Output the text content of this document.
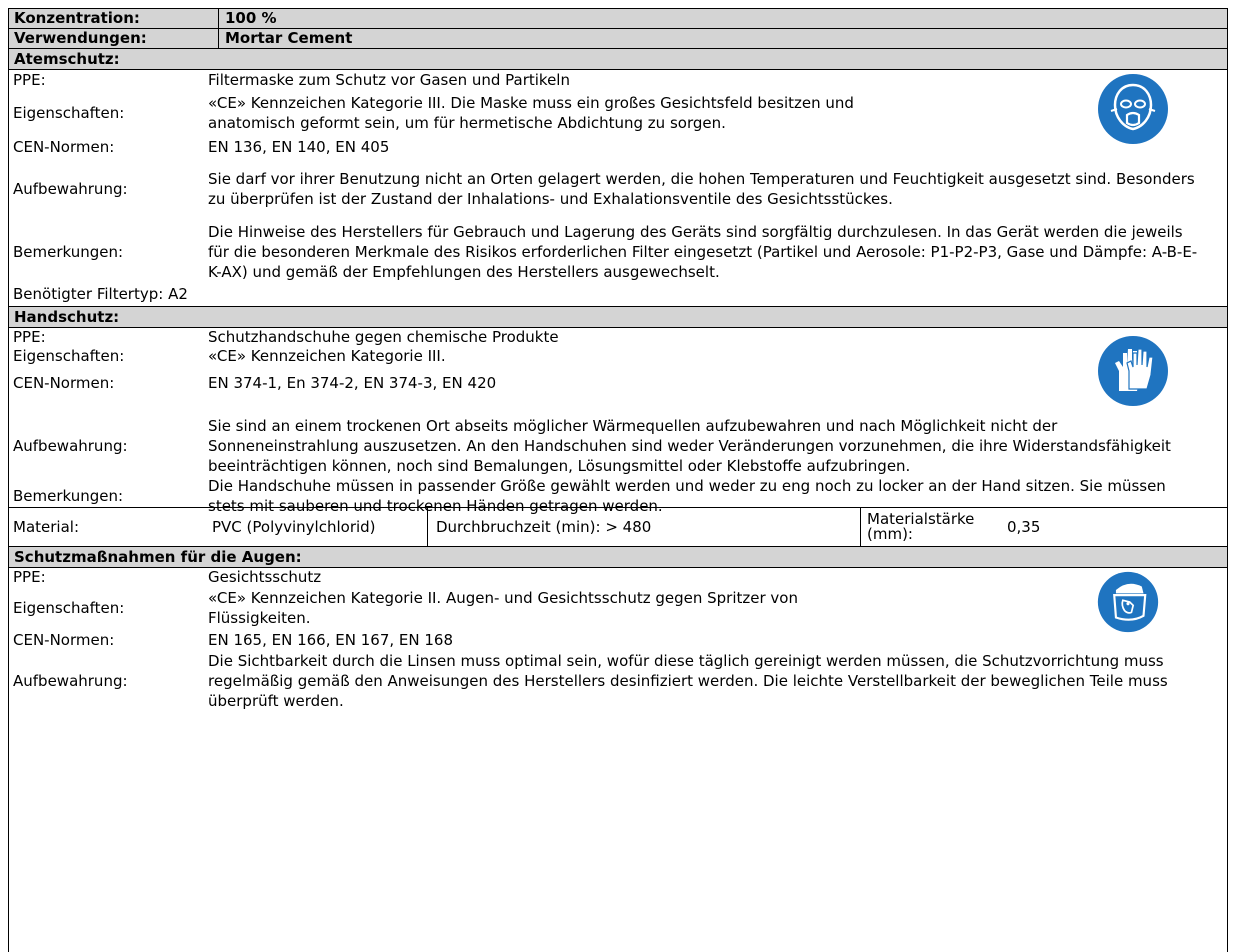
Konzentration:	100 %
Verwendungen:	Mortar Cement
Atemschutz:
PPE:	Filtermaske zum Schutz vor Gasen und Partikeln
Eigenschaften:
«CE» Kennzeichen Kategorie III. Die Maske muss ein großes Gesichtsfeld besitzen und anatomisch geformt sein, um für hermetische Abdichtung zu sorgen.
CEN-Normen:	EN 136, EN 140, EN 405
Aufbewahrung:
Sie darf vor ihrer Benutzung nicht an Orten gelagert werden, die hohen Temperaturen und Feuchtigkeit ausgesetzt sind. Besonders zu überprüfen ist der Zustand der Inhalations- und Exhalationsventile des Gesichtsstückes.
Bemerkungen:
Die Hinweise des Herstellers für Gebrauch und Lagerung des Geräts sind sorgfältig durchzulesen. In das Gerät werden die jeweils für die besonderen Merkmale des Risikos erforderlichen Filter eingesetzt (Partikel und Aerosole: P1-P2-P3, Gase und Dämpfe: A-B-E-K-AX) und gemäß der Empfehlungen des Herstellers ausgewechselt.
Benötigter Filtertyp: A2
Handschutz:
PPE:	Schutzhandschuhe gegen chemische Produkte
Eigenschaften:	«CE» Kennzeichen Kategorie III.
CEN-Normen:	EN 374-1, En 374-2, EN 374-3, EN 420
Aufbewahrung:
Sie sind an einem trockenen Ort abseits möglicher Wärmequellen aufzubewahren und nach Möglichkeit nicht der Sonneneinstrahlung auszusetzen. An den Handschuhen sind weder Veränderungen vorzunehmen, die ihre Widerstandsfähigkeit beeinträchtigen können, noch sind Bemalungen, Lösungsmittel oder Klebstoffe aufzubringen.
Bemerkungen:
Die Handschuhe müssen in passender Größe gewählt werden und weder zu eng noch zu locker an der Hand sitzen. Sie müssen stets mit sauberen und trockenen Händen getragen werden.
Material:	PVC (Polyvinylchlorid)	Durchbruchzeit (min): > 480	Materialstärke (mm):	0,35
Schutzmaßnahmen für die Augen:
PPE:	Gesichtsschutz
Eigenschaften:
«CE» Kennzeichen Kategorie II. Augen- und Gesichtsschutz gegen Spritzer von Flüssigkeiten.
CEN-Normen:	EN 165, EN 166, EN 167, EN 168
Aufbewahrung:
Die Sichtbarkeit durch die Linsen muss optimal sein, wofür diese täglich gereinigt werden müssen, die Schutzvorrichtung muss regelmäßig gemäß den Anweisungen des Herstellers desinfiziert werden. Die leichte Verstellbarkeit der beweglichen Teile muss überprüft werden.
